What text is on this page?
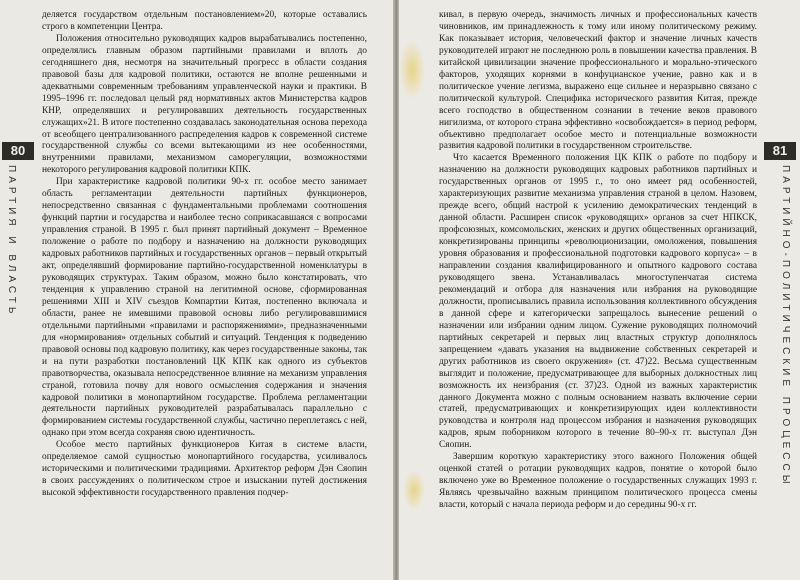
деляется государством отдельным постановлением»20, которые оставались строго в компетенции Центра.

Положения относительно руководящих кадров вырабатывались постепенно, определялись главным образом партийными правилами и вплоть до сегодняшнего дня, несмотря на значительный прогресс в области создания правовой базы для кадровой политики, остаются не вполне решенными и адекватными современным требованиям управленческой науки и практики. В 1995–1996 гг. последовал целый ряд нормативных актов Министерства кадров КНР, определявших и регулировавших деятельность государственных служащих»21. В итоге постепенно создавалась законодательная основа перехода от всеобщего централизованного распределения кадров к современной системе государственной службы со всеми вытекающими из нее особенностями, внутренними правилами, механизмом саморегуляции, возможностями некоторого регулирования кадровой политики КПК.

При характеристике кадровой политики 90-х гг. особое место занимает область регламентации деятельности партийных функционеров, непосредственно связанная с фундаментальными проблемами соотношения функций партии и государства и наиболее тесно соприкасавшаяся с вопросами управления страной. В 1995 г. был принят партийный документ – Временное положение о работе по подбору и назначению на должности руководящих кадровых работников партийных и государственных органов – первый открытый акт, определявший формирование партийно-государственной номенклатуры в руководящих структурах. Таким образом, можно было констатировать, что тенденция к управлению страной на легитимной основе, сформированная решениями XIII и XIV съездов Компартии Китая, постепенно включала и области, ранее не имевшими правовой основы либо регулировавшимися отдельными партийными «правилами и распоряжениями», предназначенными для «нормирования» отдельных событий и ситуаций. Тенденция к подведению правовой основы под кадровую политику, как через государственные законы, так и на пути разработки постановлений ЦК КПК как одного из субъектов правотворчества, оказывала непосредственное влияние на механизм управления страной, готовила почву для нового осмысления содержания и значения кадровой политики в монопартийном государстве. Проблема регламентации деятельности партийных руководителей разрабатывалась параллельно с формированием системы государственной службы, частично переплетаясь с ней, однако при этом всегда сохраняя свою идентичность.

Особое место партийных функционеров Китая в системе власти, определяемое самой сущностью монопартийного государства, усиливалось историческими и политическими традициями. Архитектор реформ Дэн Сяопин в своих рассуждениях о политическом строе и изыскании путей достижения высокой эффективности государственного правления подчер-

80
ПАРТИЯ И ВЛАСТЬ

кивал, в первую очередь, значимость личных и профессиональных качеств чиновников, им принадлежность к тому или иному политическому режиму. Как показывает история, человеческий фактор и значение личных качеств руководителей играют не последнюю роль в повышении качества правления. В китайской цивилизации значение профессионального и морально-этического факторов, уходящих корнями в конфуцианское учение, равно как и в политическое учение легизма, выражено еще сильнее и неразрывно связано с политической культурой. Специфика исторического развития Китая, прежде всего господство в общественном сознании в течение веков правового нигилизма, от которого страна эффективно «освобождается» в период реформ, объективно предполагает особое место и потенциальные возможности развития кадровой политики в государственном строительстве.

Что касается Временного положения ЦК КПК о работе по подбору и назначению на должности руководящих кадровых работников партийных и государственных органов от 1995 г., то оно имеет ряд особенностей, характеризующих развитие механизма управления страной в целом. Назовем, прежде всего, общий настрой к усилению демократических тенденций в данной области. Расширен список «руководящих» органов за счет НПКСК, профсоюзных, комсомольских, женских и других общественных организаций, конкретизированы принципы «революционизации, омоложения, повышения уровня образования и профессиональной подготовки кадрового корпуса» – в направлении создания квалифицированного и опытного кадрового состава руководящего звена. Устанавливалась многоступенчатая система рекомендаций и отбора для назначения или избрания на руководящие должности, прописывались правила использования коллективного обсуждения в данной сфере и категорически запрещалось вынесение решений о назначении или избрании одним лицом. Сужение руководящих полномочий партийных секретарей и первых лиц властных структур дополнялось запрещением «давать указания на выдвижение собственных секретарей и других работников из своего окружения» (ст. 47)22. Весьма существенным выглядит и положение, предусматривающее для выборных должностных лиц возможность их неизбрания (ст. 37)23. Одной из важных характеристик данного Документа можно с полным основанием назвать включение серии статей, предусматривающих и конкретизирующих идеи коллективности руководства и контроля над процессом избрания и назначения руководящих кадров, ярым поборником которого в течение 80–90-х гг. выступал Дэн Сяопин.

Завершим короткую характеристику этого важного Положения общей оценкой статей о ротации руководящих кадров, понятие о которой было включено уже во Временное положение о государственных служащих 1993 г. Являясь чрезвычайно важным принципом политического процесса смены власти, который с начала периода реформ и до середины 90-х гг.

81
ПАРТИЙНО-ПОЛИТИЧЕСКИЕ ПРОЦЕССЫ
